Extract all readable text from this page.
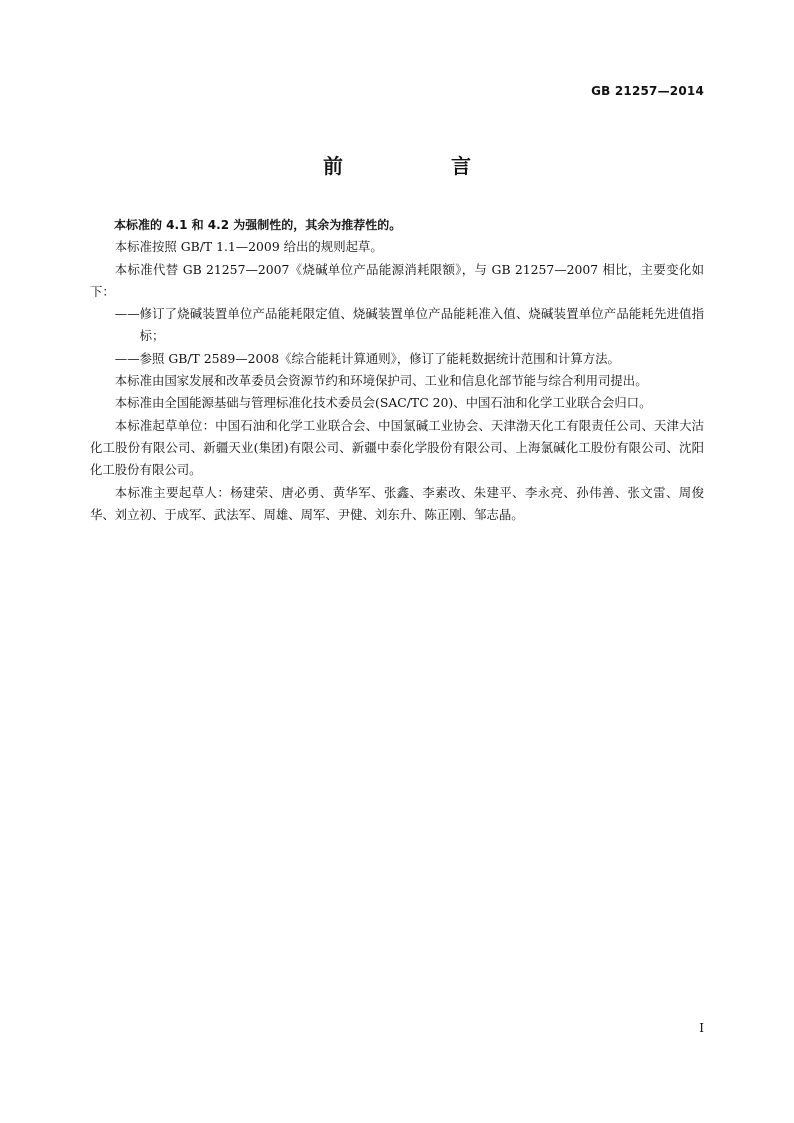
GB 21257—2014
前　言

本标准的 4.1 和 4.2 为强制性的，其余为推荐性的。

本标准按照 GB/T 1.1—2009 给出的规则起草。

本标准代替 GB 21257—2007《烧碱单位产品能源消耗限额》，与 GB 21257—2007 相比，主要变化如下：

—— 修订了烧碱装置单位产品能耗限定值、烧碱装置单位产品能耗准入值、烧碱装置单位产品能耗先进值指标；

—— 参照 GB/T 2589—2008《综合能耗计算通则》，修订了能耗数据统计范围和计算方法。

本标准由国家发展和改革委员会资源节约和环境保护司、工业和信息化部节能与综合利用司提出。

本标准由全国能源基础与管理标准化技术委员会(SAC/TC 20)、中国石油和化学工业联合会归口。

本标准起草单位：中国石油和化学工业联合会、中国氯碱工业协会、天津渤天化工有限责任公司、天津大沽化工股份有限公司、新疆天业(集团)有限公司、新疆中泰化学股份有限公司、上海氯碱化工股份有限公司、沈阳化工股份有限公司。

本标准主要起草人：杨建荣、唐必勇、黄华军、张鑫、李素改、朱建平、李永亮、孙伟善、张文雷、周俊华、刘立初、于成军、武法军、周雄、周军、尹健、刘东升、陈正刚、邹志晶。

I
